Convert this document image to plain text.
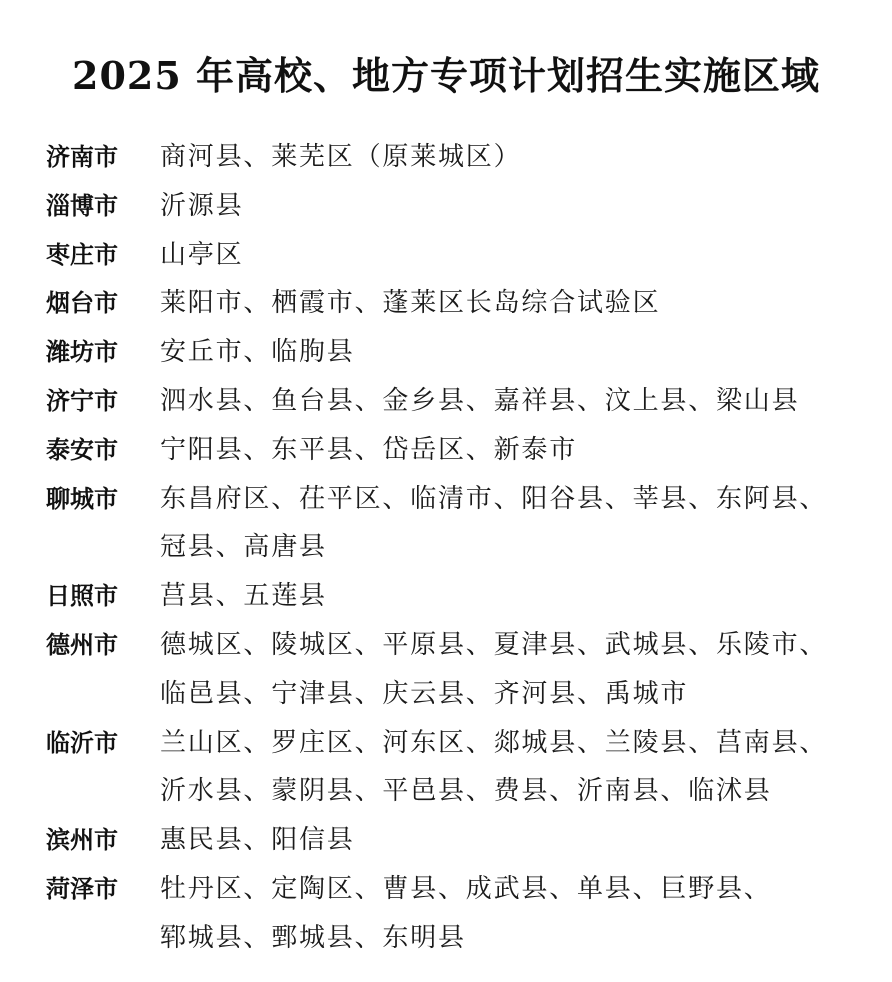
2025 年高校、地方专项计划招生实施区域
济南市	商河县、莱芜区（原莱城区）
淄博市	沂源县
枣庄市	山亭区
烟台市	莱阳市、栖霞市、蓬莱区长岛综合试验区
潍坊市	安丘市、临朐县
济宁市	泗水县、鱼台县、金乡县、嘉祥县、汶上县、梁山县
泰安市	宁阳县、东平县、岱岳区、新泰市
聊城市	东昌府区、茌平区、临清市、阳谷县、莘县、东阿县、
冠县、高唐县
日照市	莒县、五莲县
德州市	德城区、陵城区、平原县、夏津县、武城县、乐陵市、
临邑县、宁津县、庆云县、齐河县、禹城市
临沂市	兰山区、罗庄区、河东区、郯城县、兰陵县、莒南县、
沂水县、蒙阴县、平邑县、费县、沂南县、临沭县
滨州市	惠民县、阳信县
菏泽市	牡丹区、定陶区、曹县、成武县、单县、巨野县、
郓城县、鄄城县、东明县
